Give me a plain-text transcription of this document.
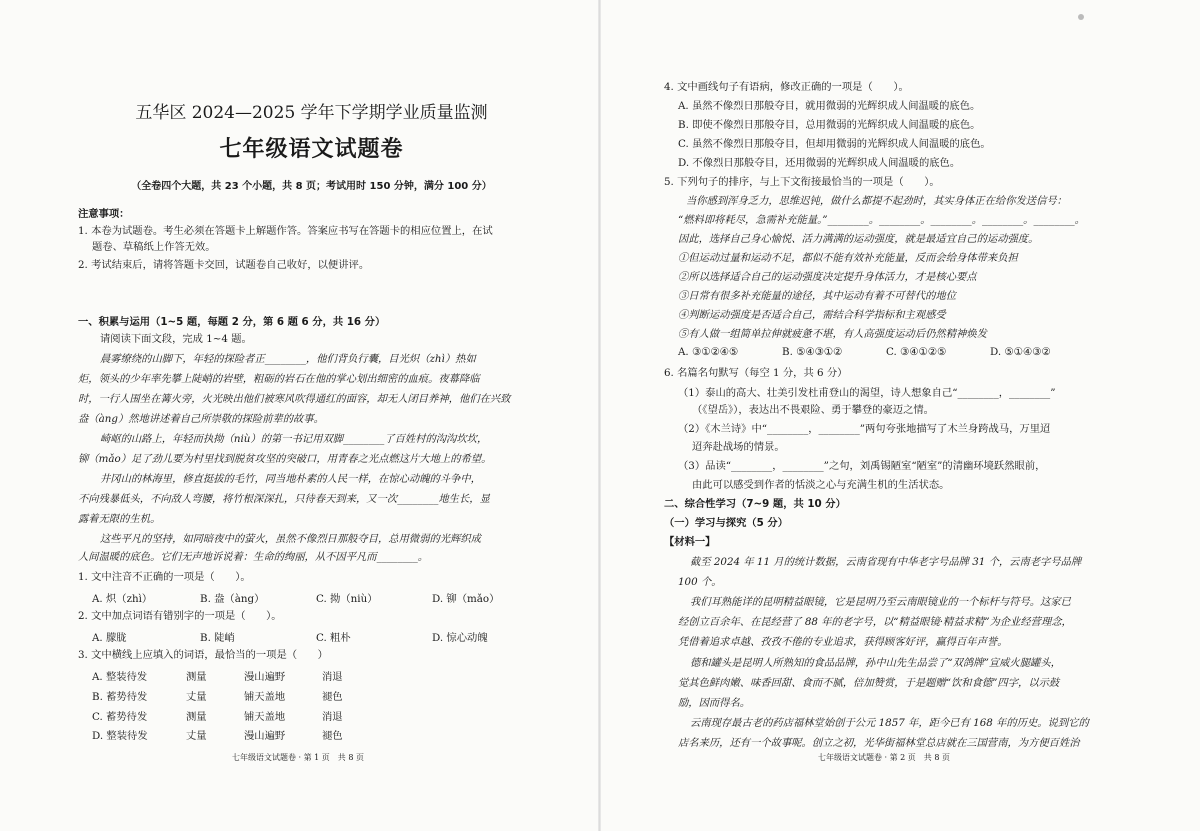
五华区 2024—2025 学年下学期学业质量监测
七年级语文试题卷
（全卷四个大题，共 23 个小题，共 8 页；考试用时 150 分钟，满分 100 分）
注意事项：
1. 本卷为试题卷。考生必须在答题卡上解题作答。答案应书写在答题卡的相应位置上，在试
题卷、草稿纸上作答无效。
2. 考试结束后，请将答题卡交回，试题卷自己收好，以便讲评。
一、积累与运用（1~5 题，每题 2 分，第 6 题 6 分，共 16 分）
请阅读下面文段，完成 1~4 题。
晨雾缭绕的山脚下，年轻的探险者正________，他们背负行囊，目光炽（zhì）热如
炬，领头的少年率先攀上陡峭的岩壁，粗砺的岩石在他的掌心划出细密的血痕。夜幕降临
时，一行人围坐在篝火旁，火光映出他们被寒风吹得通红的面容，却无人闭目养神，他们在兴致
盎（àng）然地讲述着自己所崇敬的探险前辈的故事。
崎岖的山路上，年轻而执拗（niù）的第一书记用双脚________了百姓村的沟沟坎坎，
铆（mǎo）足了劲儿要为村里找到脱贫攻坚的突破口，用青春之光点燃这片大地上的希望。
井冈山的林海里，修直挺拔的毛竹，同当地朴素的人民一样，在惊心动魄的斗争中，
不向残暴低头，不向敌人弯腰，将竹根深深扎，只待春天到来，又一次________地生长，显
露着无限的生机。
这些平凡的坚持，如同暗夜中的萤火，虽然不像烈日那般夺目，总用微弱的光辉织成
人间温暖的底色。它们无声地诉说着：生命的绚丽，从不因平凡而________。
1. 文中注音不正确的一项是（　　）。
A. 炽（zhì）	B. 盎（àng）	C. 拗（niù）	D. 铆（mǎo）
2. 文中加点词语有错别字的一项是（　　）。
A. 朦胧	B. 陡峭	C. 粗朴	D. 惊心动魄
3. 文中横线上应填入的词语，最恰当的一项是（　　）
A. 整装待发	测量	漫山遍野	消退
B. 蓄势待发	丈量	铺天盖地	褪色
C. 蓄势待发	测量	铺天盖地	消退
D. 整装待发	丈量	漫山遍野	褪色
七年级语文试题卷 · 第 1 页　共 8 页
4. 文中画线句子有语病，修改正确的一项是（　　）。
A. 虽然不像烈日那般夺目，就用微弱的光辉织成人间温暖的底色。
B. 即使不像烈日那般夺目，总用微弱的光辉织成人间温暖的底色。
C. 虽然不像烈日那般夺目，但却用微弱的光辉织成人间温暖的底色。
D. 不像烈日那般夺目，还用微弱的光辉织成人间温暖的底色。
5. 下列句子的排序，与上下文衔接最恰当的一项是（　　）。
当你感到浑身乏力，思维迟钝，做什么都提不起劲时，其实身体正在给你发送信号：
“燃料即将耗尽，急需补充能量。”________。________。________。________。________。
因此，选择自己身心愉悦、活力满满的运动强度，就是最适宜自己的运动强度。
①但运动过量和运动不足，都似不能有效补充能量，反而会给身体带来负担
②所以选择适合自己的运动强度决定提升身体活力，才是核心要点
③日常有很多补充能量的途径，其中运动有着不可替代的地位
④判断运动强度是否适合自己，需结合科学指标和主观感受
⑤有人做一组简单拉伸就疲惫不堪，有人高强度运动后仍然精神焕发
A. ③①②④⑤	B. ⑤④③①②	C. ③④①②⑤	D. ⑤①④③②
6. 名篇名句默写（每空 1 分，共 6 分）
（1）泰山的高大、壮美引发杜甫登山的渴望，诗人想象自己“________，________”
（《望岳》），表达出不畏艰险、勇于攀登的豪迈之情。
（2）《木兰诗》中“________，________”两句夸张地描写了木兰身跨战马，万里迢
迢奔赴战场的情景。
（3）品读“________，________”之句，刘禹锡陋室“陋室”的清幽环境跃然眼前，
由此可以感受到作者的恬淡之心与充满生机的生活状态。
二、综合性学习（7~9 题，共 10 分）
（一）学习与探究（5 分）
【材料一】
截至 2024 年 11 月的统计数据，云南省现有中华老字号品牌 31 个，云南老字号品牌
100 个。
我们耳熟能详的昆明精益眼镜，它是昆明乃至云南眼镜业的一个标杆与符号。这家已
经创立百余年、在昆经营了 88 年的老字号，以“精益眼镜·精益求精”为企业经营理念，
凭借着追求卓越、孜孜不倦的专业追求，获得顾客好评，赢得百年声誉。
德和罐头是昆明人所熟知的食品品牌，孙中山先生品尝了“双鸽牌”宣威火腿罐头，
觉其色鲜肉嫩、味香回甜、食而不腻，倍加赞赏，于是题赠“饮和食德”四字，以示鼓
励，因而得名。
云南现存最古老的药店福林堂始创于公元 1857 年，距今已有 168 年的历史。说到它的
店名来历，还有一个故事呢。创立之初，光华街福林堂总店就在三国营南，为方便百姓治
七年级语文试题卷 · 第 2 页　共 8 页
